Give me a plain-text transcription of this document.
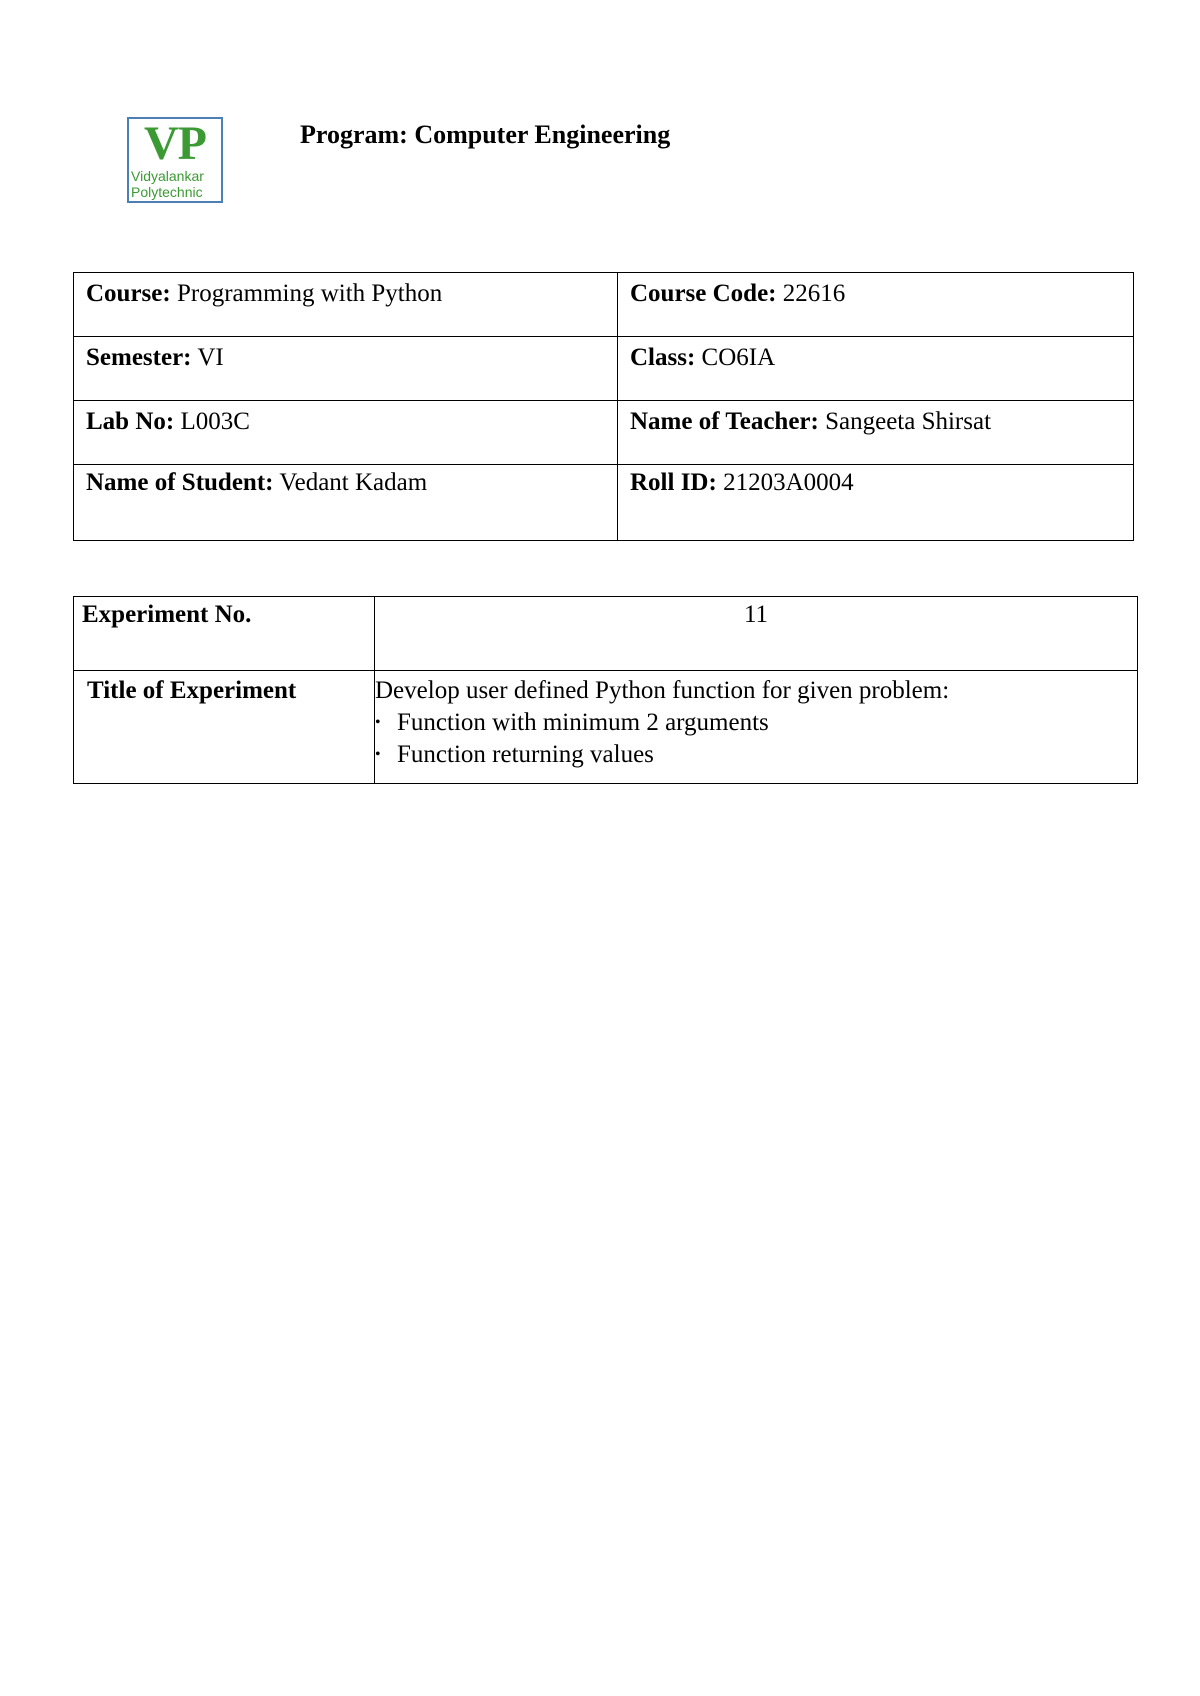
VP
Vidyalankar
Polytechnic
Program: Computer Engineering
Course: Programming with Python	Course Code: 22616
Semester: VI	Class: CO6IA
Lab No: L003C	Name of Teacher: Sangeeta Shirsat
Name of Student: Vedant Kadam	Roll ID: 21203A0004
Experiment No.	11
Title of Experiment	Develop user defined Python function for given problem:
• Function with minimum 2 arguments
• Function returning values
